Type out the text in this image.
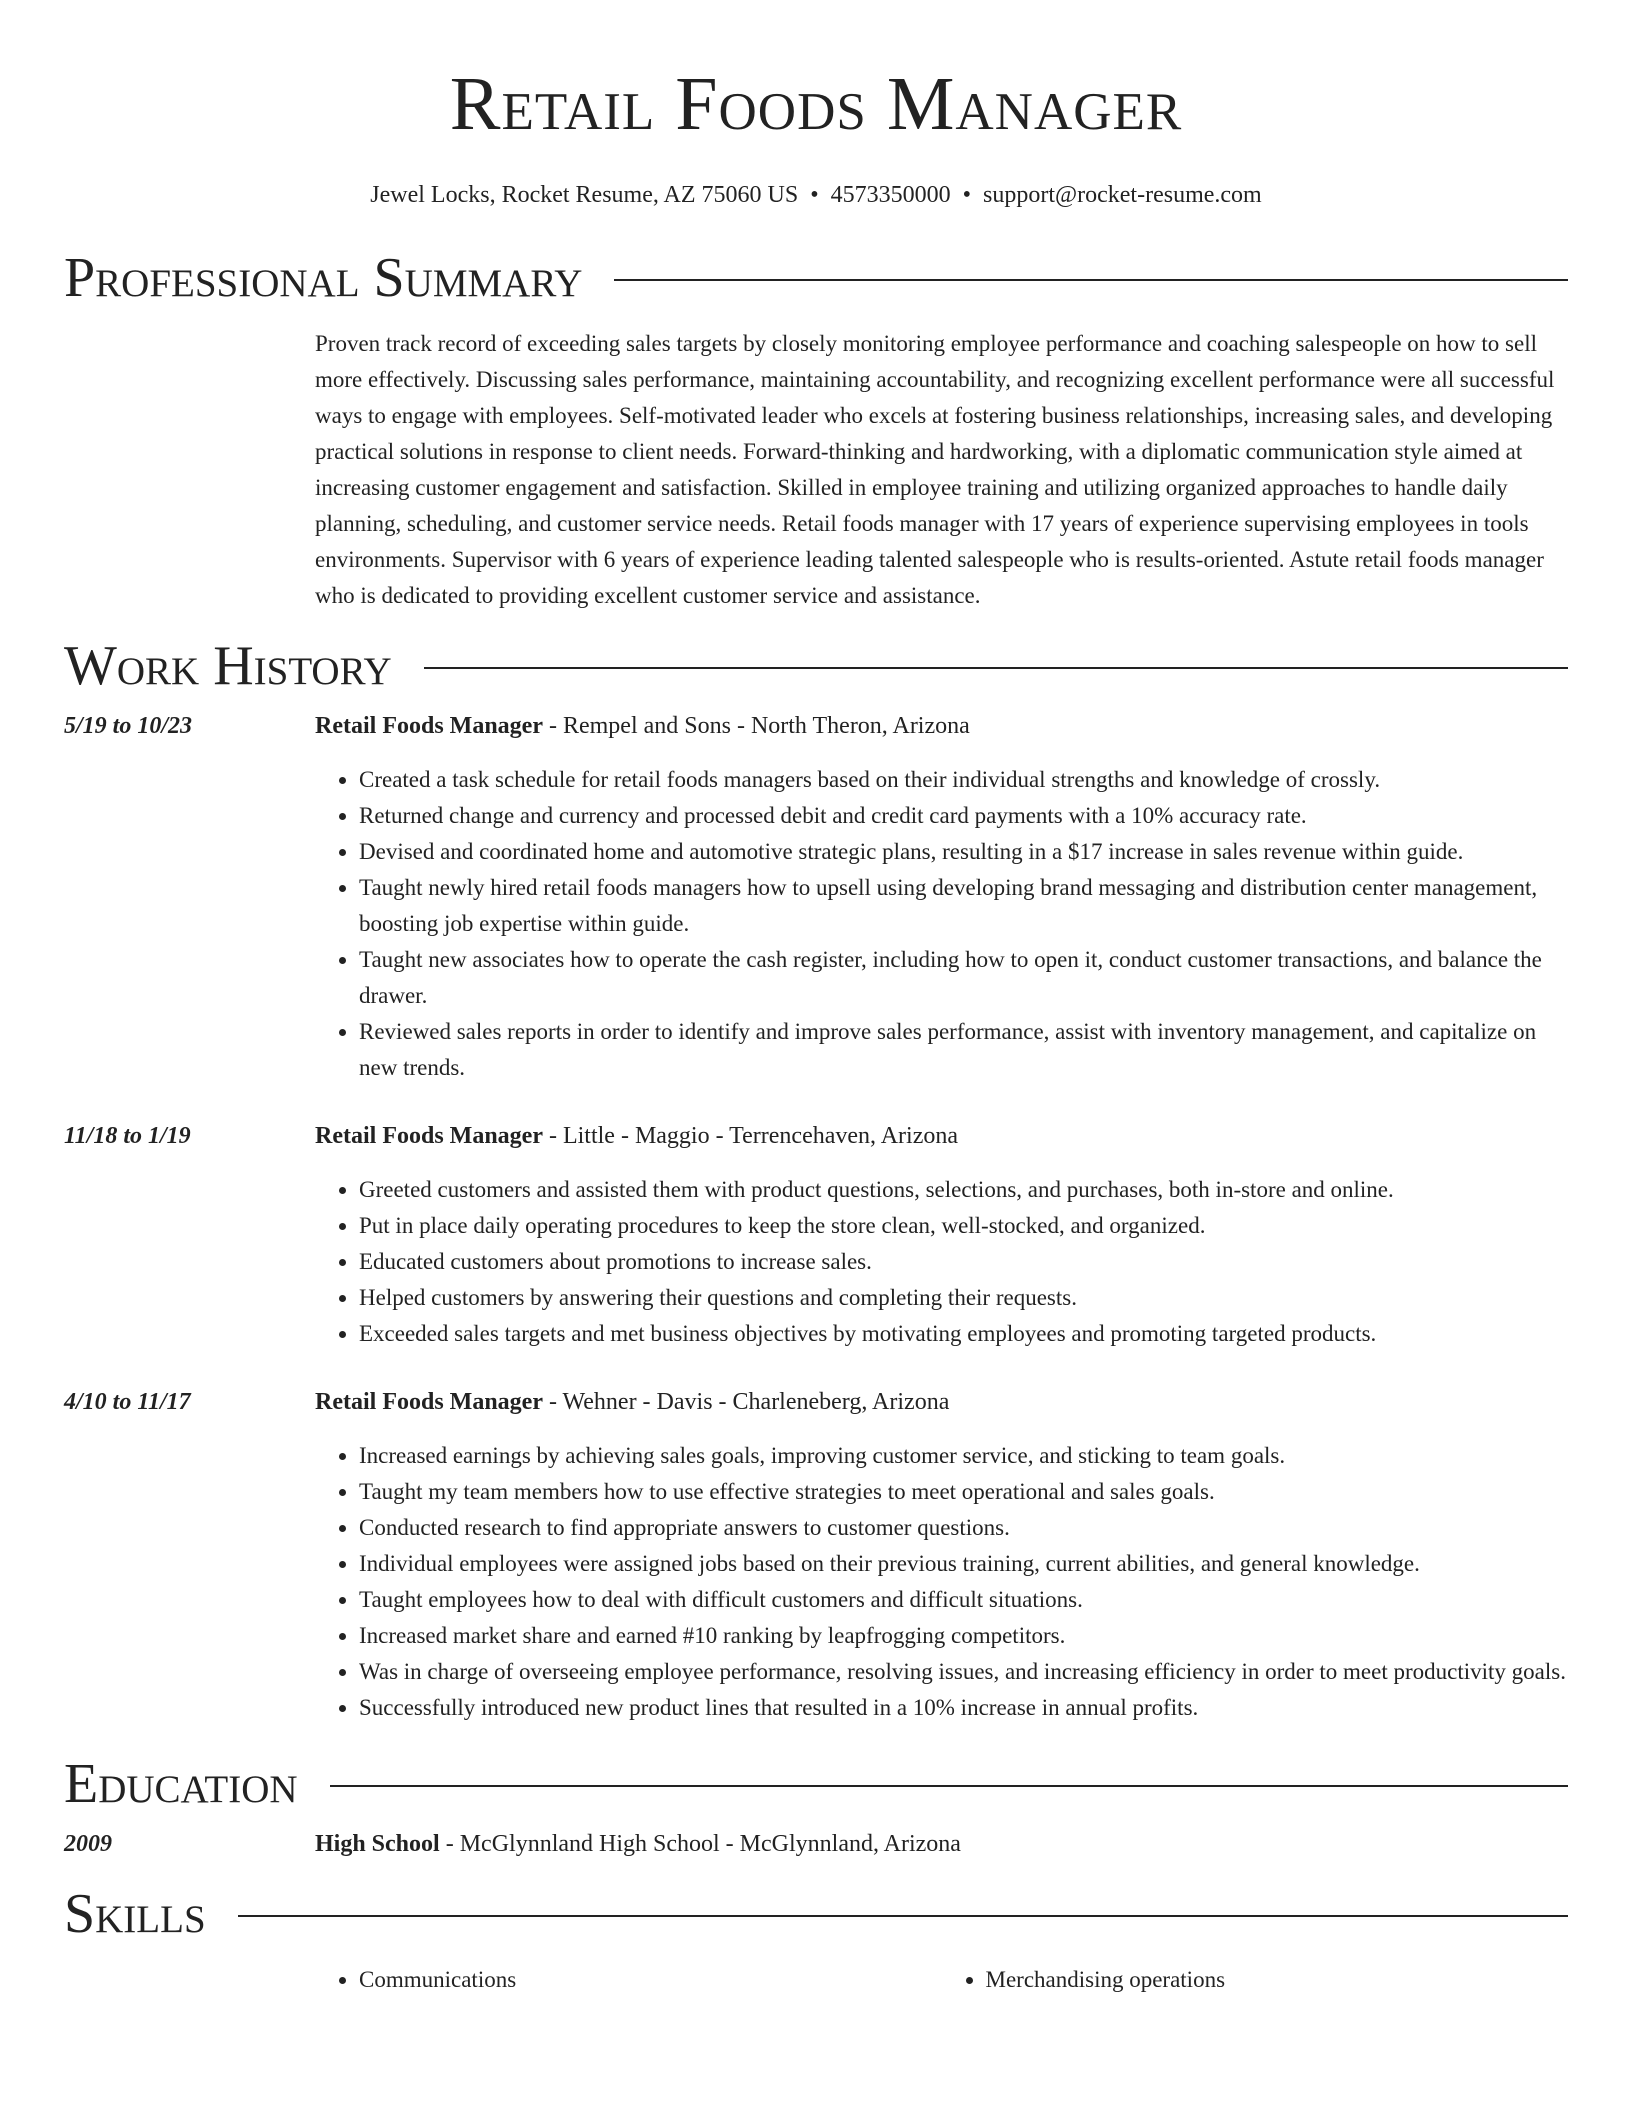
Retail Foods Manager
Jewel Locks, Rocket Resume, AZ 75060 US • 4573350000 • support@rocket-resume.com
Professional Summary

Proven track record of exceeding sales targets by closely monitoring employee performance and coaching salespeople on how to sell more effectively. Discussing sales performance, maintaining accountability, and recognizing excellent performance were all successful ways to engage with employees. Self-motivated leader who excels at fostering business relationships, increasing sales, and developing practical solutions in response to client needs. Forward-thinking and hardworking, with a diplomatic communication style aimed at increasing customer engagement and satisfaction. Skilled in employee training and utilizing organized approaches to handle daily planning, scheduling, and customer service needs. Retail foods manager with 17 years of experience supervising employees in tools environments. Supervisor with 6 years of experience leading talented salespeople who is results-oriented. Astute retail foods manager who is dedicated to providing excellent customer service and assistance.

Work History
5/19 to 10/23	Retail Foods Manager - Rempel and Sons - North Theron, Arizona
• Created a task schedule for retail foods managers based on their individual strengths and knowledge of crossly.
• Returned change and currency and processed debit and credit card payments with a 10% accuracy rate.
• Devised and coordinated home and automotive strategic plans, resulting in a $17 increase in sales revenue within guide.
• Taught newly hired retail foods managers how to upsell using developing brand messaging and distribution center management, boosting job expertise within guide.
• Taught new associates how to operate the cash register, including how to open it, conduct customer transactions, and balance the drawer.
• Reviewed sales reports in order to identify and improve sales performance, assist with inventory management, and capitalize on new trends.
11/18 to 1/19	Retail Foods Manager - Little - Maggio - Terrencehaven, Arizona
• Greeted customers and assisted them with product questions, selections, and purchases, both in-store and online.
• Put in place daily operating procedures to keep the store clean, well-stocked, and organized.
• Educated customers about promotions to increase sales.
• Helped customers by answering their questions and completing their requests.
• Exceeded sales targets and met business objectives by motivating employees and promoting targeted products.
4/10 to 11/17	Retail Foods Manager - Wehner - Davis - Charleneberg, Arizona
• Increased earnings by achieving sales goals, improving customer service, and sticking to team goals.
• Taught my team members how to use effective strategies to meet operational and sales goals.
• Conducted research to find appropriate answers to customer questions.
• Individual employees were assigned jobs based on their previous training, current abilities, and general knowledge.
• Taught employees how to deal with difficult customers and difficult situations.
• Increased market share and earned #10 ranking by leapfrogging competitors.
• Was in charge of overseeing employee performance, resolving issues, and increasing efficiency in order to meet productivity goals.
• Successfully introduced new product lines that resulted in a 10% increase in annual profits.
Education
2009	High School - McGlynnland High School - McGlynnland, Arizona
Skills
• Communications
•	Merchandising operations
